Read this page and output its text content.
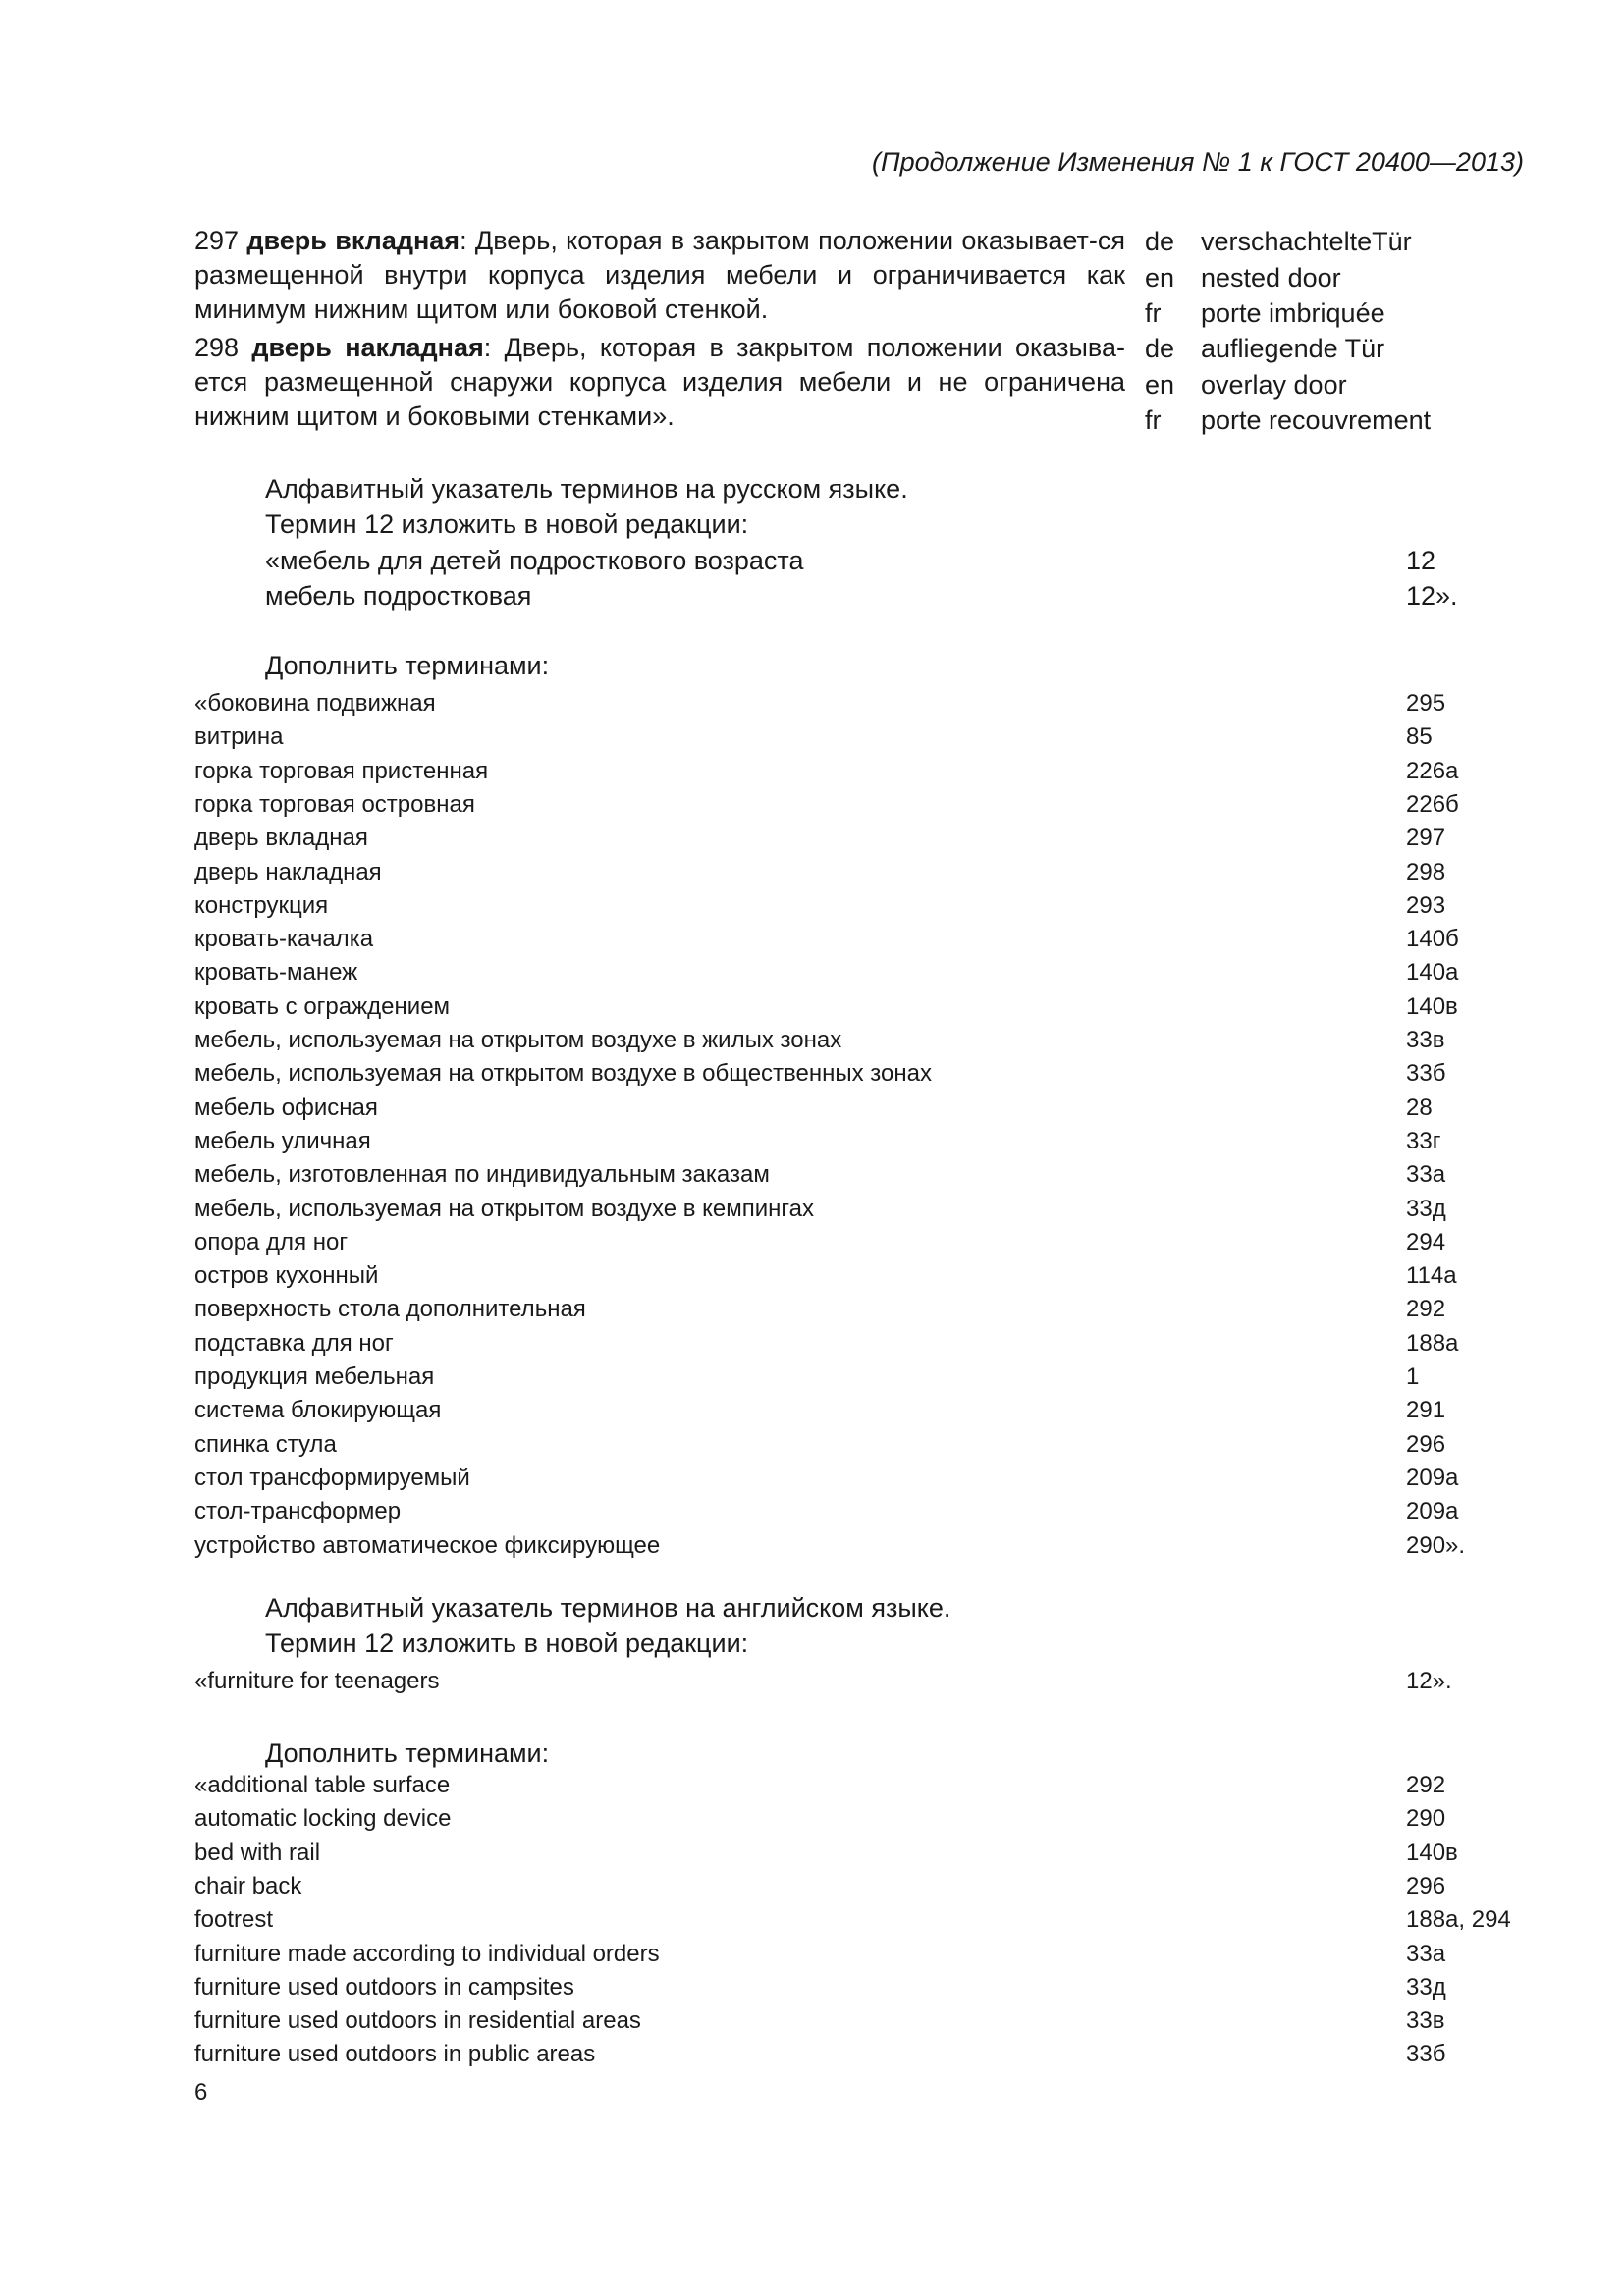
(Продолжение Изменения № 1 к ГОСТ 20400—2013)
297 дверь вкладная: Дверь, которая в закрытом положении оказывает-ся размещенной внутри корпуса изделия мебели и ограничивается как минимум нижним щитом или боковой стенкой.
de verschachtelteTür
en nested door
fr porte imbriquée
298 дверь накладная: Дверь, которая в закрытом положении оказыва-ется размещенной снаружи корпуса изделия мебели и не ограничена нижним щитом и боковыми стенками».
de aufliegende Tür
en overlay door
fr porte recouvrement
Алфавитный указатель терминов на русском языке.
Термин 12 изложить в новой редакции:
«мебель для детей подросткового возраста	12
мебель подростковая	12».
Дополнить терминами:
«боковина подвижная	295
витрина	85
горка торговая пристенная	226а
горка торговая островная	226б
дверь вкладная	297
дверь накладная	298
конструкция	293
кровать-качалка	140б
кровать-манеж	140а
кровать с ограждением	140в
мебель, используемая на открытом воздухе в жилых зонах	33в
мебель, используемая на открытом воздухе в общественных зонах	33б
мебель офисная	28
мебель уличная	33г
мебель, изготовленная по индивидуальным заказам	33а
мебель, используемая на открытом воздухе в кемпингах	33д
опора для ног	294
остров кухонный	114а
поверхность стола дополнительная	292
подставка для ног	188а
продукция мебельная	1
система блокирующая	291
спинка стула	296
стол трансформируемый	209а
стол-трансформер	209а
устройство автоматическое фиксирующее	290».
Алфавитный указатель терминов на английском языке.
Термин 12 изложить в новой редакции:
«furniture for teenagers	12».
Дополнить терминами:
«additional table surface	292
automatic locking device	290
bed with rail	140в
chair back	296
footrest	188а, 294
furniture made according to individual orders	33а
furniture used outdoors in campsites	33д
furniture used outdoors in residential areas	33в
furniture used outdoors in public areas	33б
6
